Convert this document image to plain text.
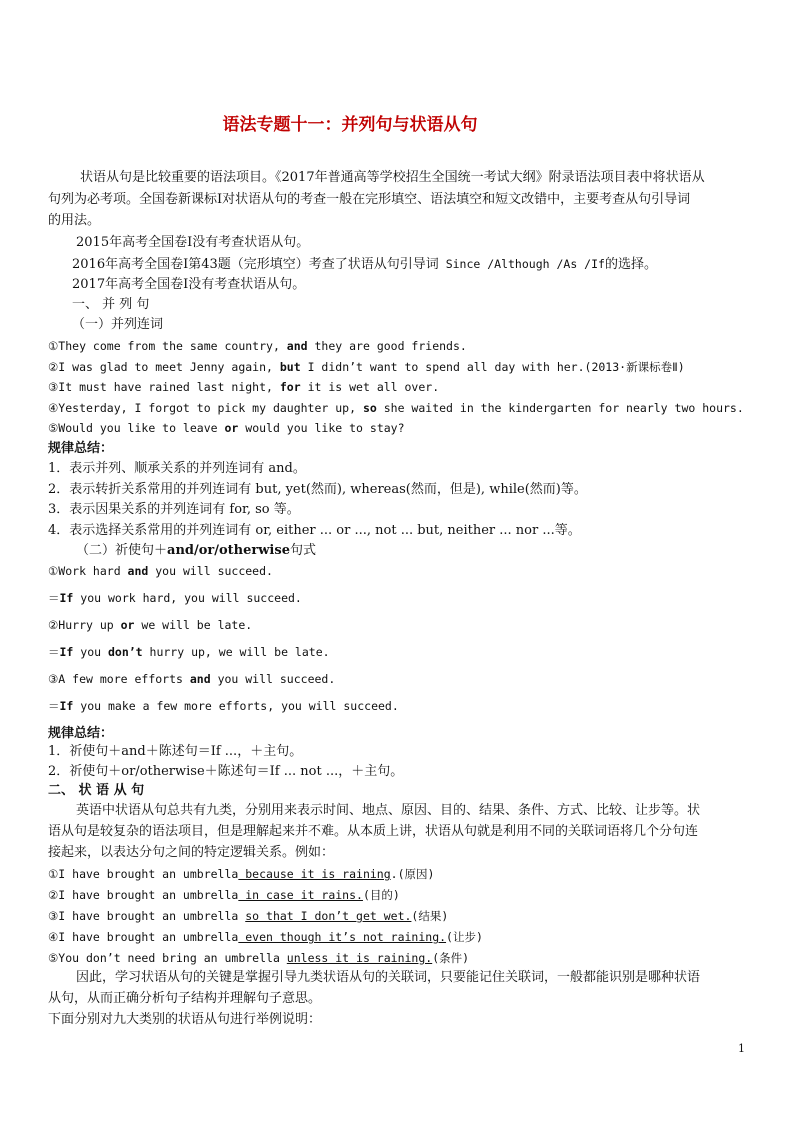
语法专题十一：并列句与状语从句
状语从句是比较重要的语法项目。《2017年普通高等学校招生全国统一考试大纲》附录语法项目表中将状语从
句列为必考项。全国卷新课标Ⅰ对状语从句的考查一般在完形填空、语法填空和短文改错中，主要考查从句引导词
的用法。
2015年高考全国卷Ⅰ没有考查状语从句。
2016年高考全国卷Ⅰ第43题（完形填空）考查了状语从句引导词 Since /Although /As /If的选择。
2017年高考全国卷Ⅰ没有考查状语从句。
一、 并 列 句
（一）并列连词
①They come from the same country, and they are good friends.
②I was glad to meet Jenny again, but I didn’t want to spend all day with her.(2013·新课标卷Ⅱ)
③It must have rained last night, for it is wet all over.
④Yesterday, I forgot to pick my daughter up, so she waited in the kindergarten for nearly two hours.
⑤Would you like to leave or would you like to stay?
规律总结：
1．表示并列、顺承关系的并列连词有 and。
2．表示转折关系常用的并列连词有 but, yet(然而), whereas(然而，但是), while(然而)等。
3．表示因果关系的并列连词有 for, so 等。
4．表示选择关系常用的并列连词有 or, either ... or ..., not ... but, neither ... nor ...等。
（二）祈使句＋and/or/otherwise句式
①Work hard and you will succeed.
＝If you work hard, you will succeed.
②Hurry up or we will be late.
＝If you don’t hurry up, we will be late.
③A few more efforts and you will succeed.
＝If you make a few more efforts, you will succeed.
规律总结：
1．祈使句＋and＋陈述句＝If ...，＋主句。
2．祈使句＋or/otherwise＋陈述句＝If ... not ...，＋主句。
二、 状 语 从 句
英语中状语从句总共有九类，分别用来表示时间、地点、原因、目的、结果、条件、方式、比较、让步等。状
语从句是较复杂的语法项目，但是理解起来并不难。从本质上讲，状语从句就是利用不同的关联词语将几个分句连
接起来，以表达分句之间的特定逻辑关系。例如：
①I have brought an umbrella because it is raining.(原因)
②I have brought an umbrella in case it rains.(目的)
③I have brought an umbrella so that I don’t get wet.(结果)
④I have brought an umbrella even though it’s not raining.(让步)
⑤You don’t need bring an umbrella unless it is raining.(条件)
因此，学习状语从句的关键是掌握引导九类状语从句的关联词，只要能记住关联词，一般都能识别是哪种状语
从句，从而正确分析句子结构并理解句子意思。
下面分别对九大类别的状语从句进行举例说明：
1
